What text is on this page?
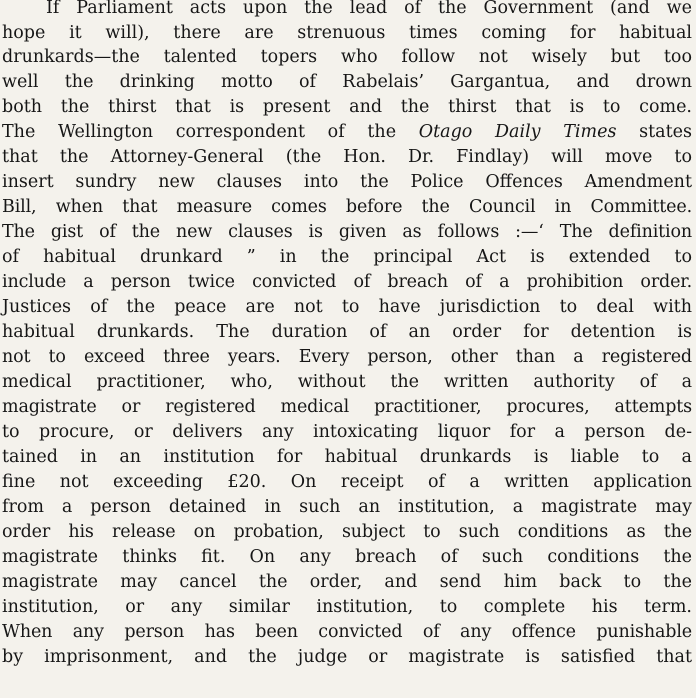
If Parliament acts upon the lead of the Government (and we
hope it will), there are strenuous times coming for habitual
drunkards—the talented topers who follow not wisely but too
well the drinking motto of Rabelais’ Gargantua, and drown
both the thirst that is present and the thirst that is to come.
The Wellington correspondent of the Otago Daily Times states
that the Attorney-General (the Hon. Dr. Findlay) will move to
insert sundry new clauses into the Police Offences Amendment
Bill, when that measure comes before the Council in Committee.
The gist of the new clauses is given as follows :—‘ The definition
of habitual drunkard ” in the principal Act is extended to
include a person twice convicted of breach of a prohibition order.
Justices of the peace are not to have jurisdiction to deal with
habitual drunkards. The duration of an order for detention is
not to exceed three years. Every person, other than a registered
medical practitioner, who, without the written authority of a
magistrate or registered medical practitioner, procures, attempts
to procure, or delivers any intoxicating liquor for a person de-
tained in an institution for habitual drunkards is liable to a
fine not exceeding £20. On receipt of a written application
from a person detained in such an institution, a magistrate may
order his release on probation, subject to such conditions as the
magistrate thinks fit. On any breach of such conditions the
magistrate may cancel the order, and send him back to the
institution, or any similar institution, to complete his term.
When any person has been convicted of any offence punishable
by imprisonment, and the judge or magistrate is satisfied that
